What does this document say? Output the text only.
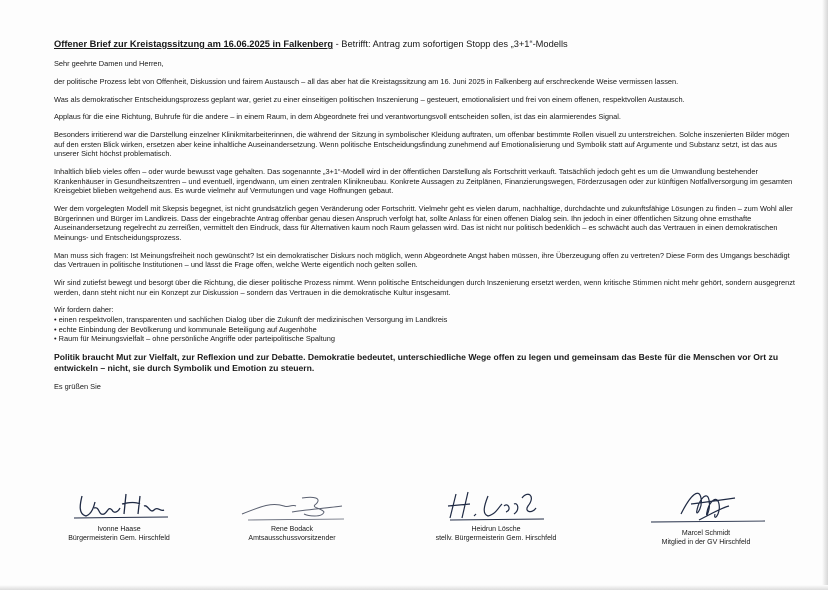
Offener Brief zur Kreistagssitzung am 16.06.2025 in Falkenberg - Betrifft: Antrag zum sofortigen Stopp des „3+1“-Modells

Sehr geehrte Damen und Herren,

der politische Prozess lebt von Offenheit, Diskussion und fairem Austausch – all das aber hat die Kreistagssitzung am 16. Juni 2025 in Falkenberg auf erschreckende Weise vermissen lassen.

Was als demokratischer Entscheidungsprozess geplant war, geriet zu einer einseitigen politischen Inszenierung – gesteuert, emotionalisiert und frei von einem offenen, respektvollen Austausch.

Applaus für die eine Richtung, Buhrufe für die andere – in einem Raum, in dem Abgeordnete frei und verantwortungsvoll entscheiden sollen, ist das ein alarmierendes Signal.

Besonders irritierend war die Darstellung einzelner Klinikmitarbeiterinnen, die während der Sitzung in symbolischer Kleidung auftraten, um offenbar bestimmte Rollen visuell zu unterstreichen. Solche inszenierten Bilder mögen auf den ersten Blick wirken, ersetzen aber keine inhaltliche Auseinandersetzung. Wenn politische Entscheidungsfindung zunehmend auf Emotionalisierung und Symbolik statt auf Argumente und Substanz setzt, ist das aus unserer Sicht höchst problematisch.

Inhaltlich blieb vieles offen – oder wurde bewusst vage gehalten. Das sogenannte „3+1“-Modell wird in der öffentlichen Darstellung als Fortschritt verkauft. Tatsächlich jedoch geht es um die Umwandlung bestehender Krankenhäuser in Gesundheitszentren – und eventuell, irgendwann, um einen zentralen Klinikneubau. Konkrete Aussagen zu Zeitplänen, Finanzierungswegen, Förderzusagen oder zur künftigen Notfallversorgung im gesamten Kreisgebiet blieben weitgehend aus. Es wurde vielmehr auf Vermutungen und vage Hoffnungen gebaut.

Wer dem vorgelegten Modell mit Skepsis begegnet, ist nicht grundsätzlich gegen Veränderung oder Fortschritt. Vielmehr geht es vielen darum, nachhaltige, durchdachte und zukunftsfähige Lösungen zu finden – zum Wohl aller Bürgerinnen und Bürger im Landkreis. Dass der eingebrachte Antrag offenbar genau diesen Anspruch verfolgt hat, sollte Anlass für einen offenen Dialog sein. Ihn jedoch in einer öffentlichen Sitzung ohne ernsthafte Auseinandersetzung regelrecht zu zerreißen, vermittelt den Eindruck, dass für Alternativen kaum noch Raum gelassen wird. Das ist nicht nur politisch bedenklich – es schwächt auch das Vertrauen in einen demokratischen Meinungs- und Entscheidungsprozess.

Man muss sich fragen: Ist Meinungsfreiheit noch gewünscht? Ist ein demokratischer Diskurs noch möglich, wenn Abgeordnete Angst haben müssen, ihre Überzeugung offen zu vertreten? Diese Form des Umgangs beschädigt das Vertrauen in politische Institutionen – und lässt die Frage offen, welche Werte eigentlich noch gelten sollen.

Wir sind zutiefst bewegt und besorgt über die Richtung, die dieser politische Prozess nimmt. Wenn politische Entscheidungen durch Inszenierung ersetzt werden, wenn kritische Stimmen nicht mehr gehört, sondern ausgegrenzt werden, dann steht nicht nur ein Konzept zur Diskussion – sondern das Vertrauen in die demokratische Kultur insgesamt.

Wir fordern daher:
• einen respektvollen, transparenten und sachlichen Dialog über die Zukunft der medizinischen Versorgung im Landkreis
• echte Einbindung der Bevölkerung und kommunale Beteiligung auf Augenhöhe
• Raum für Meinungsvielfalt – ohne persönliche Angriffe oder parteipolitische Spaltung

Politik braucht Mut zur Vielfalt, zur Reflexion und zur Debatte. Demokratie bedeutet, unterschiedliche Wege offen zu legen und gemeinsam das Beste für die Menschen vor Ort zu entwickeln – nicht, sie durch Symbolik und Emotion zu steuern.

Es grüßen Sie

Ivonne Haase
Bürgermeisterin Gem. Hirschfeld
Rene Bodack
Amtsausschussvorsitzender
Heidrun Lösche
stellv. Bürgermeisterin Gem. Hirschfeld
Marcel Schmidt
Mitglied in der GV Hirschfeld
